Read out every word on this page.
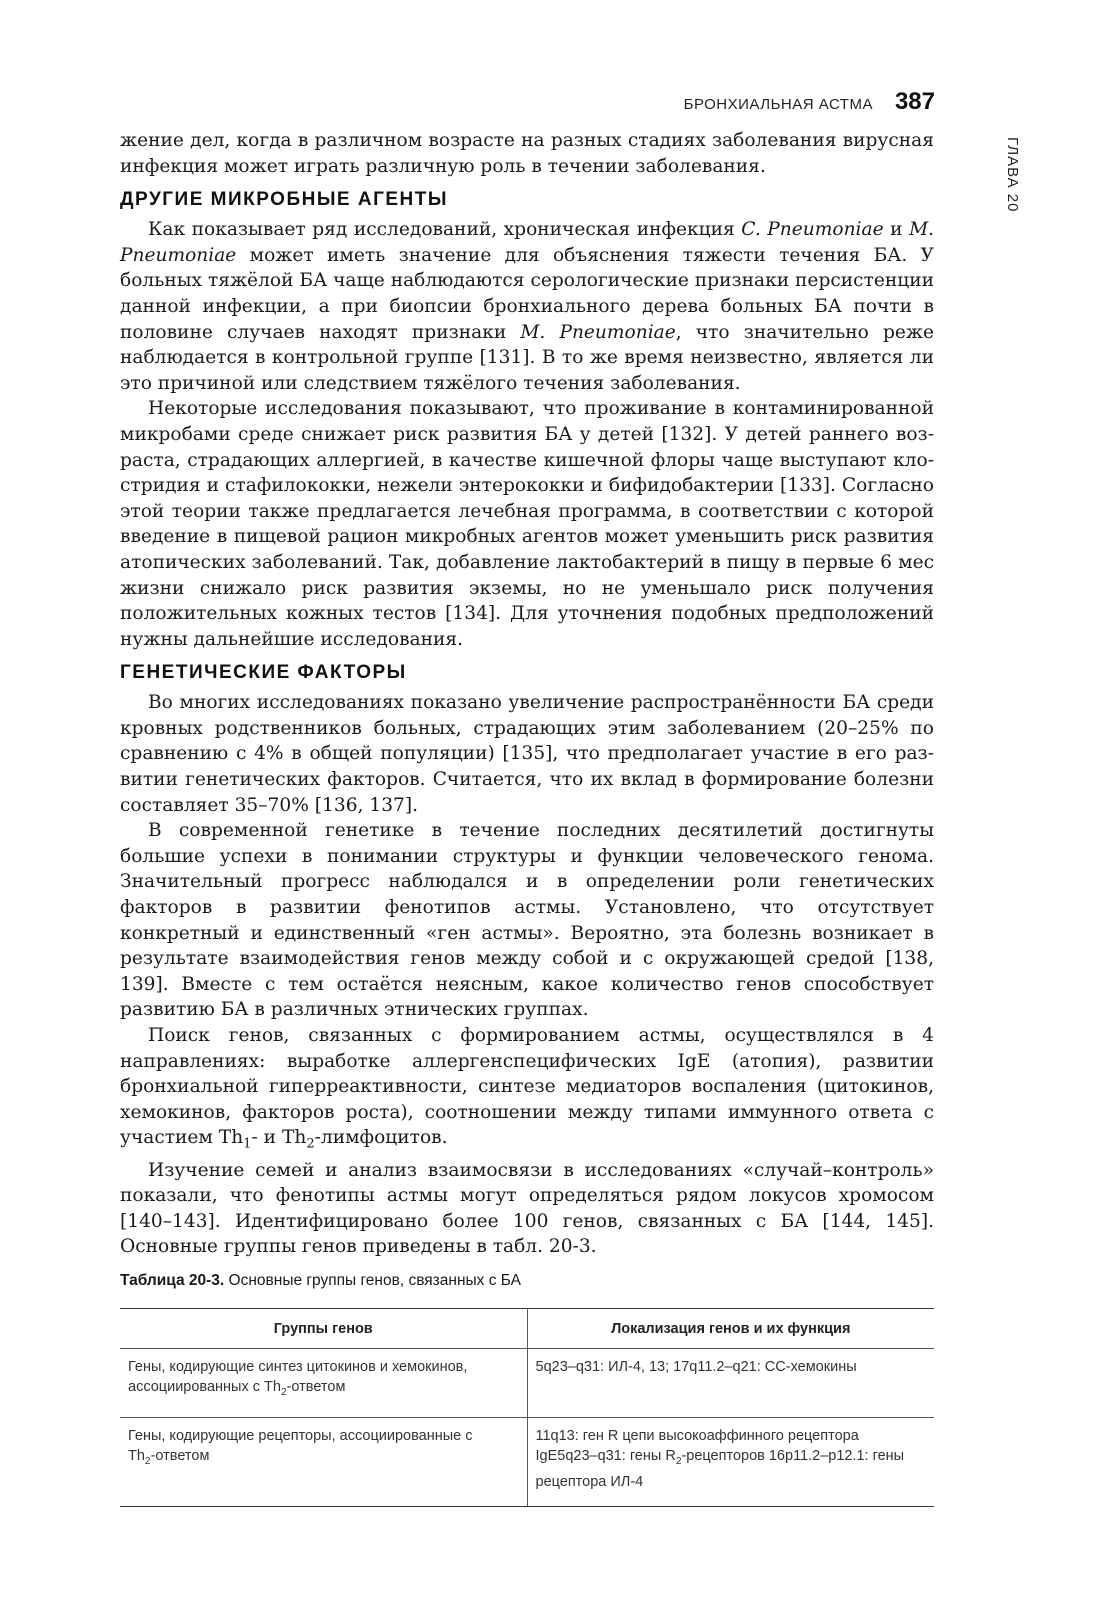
БРОНХИАЛЬНАЯ АСТМА 387
ГЛАВА 20

жение дел, когда в различном возрасте на разных стадиях заболевания вирусная инфекция может играть различную роль в течении заболевания.

ДРУГИЕ МИКРОБНЫЕ АГЕНТЫ

Как показывает ряд исследований, хроническая инфекция C. Pneumoniae и M. Pneumoniae может иметь значение для объяснения тяжести течения БА. У больных тяжёлой БА чаще наблюдаются серологические признаки персистенции данной инфекции, а при биопсии бронхиального дерева больных БА почти в половине случаев находят признаки M. Pneumoniae, что значительно реже наблюдается в контрольной группе [131]. В то же время неизвестно, является ли это причиной или следствием тяжёлого течения заболевания.

Некоторые исследования показывают, что проживание в контаминированной микробами среде снижает риск развития БА у детей [132]. У детей раннего возраста, страдающих аллергией, в качестве кишечной флоры чаще выступают клостридия и стафилококки, нежели энтерококки и бифидобактерии [133]. Согласно этой теории также предлагается лечебная программа, в соответствии с которой введение в пищевой рацион микробных агентов может уменьшить риск развития атопических заболеваний. Так, добавление лактобактерий в пищу в первые 6 мес жизни снижало риск развития экземы, но не уменьшало риск получения положительных кожных тестов [134]. Для уточнения подобных предположений нужны дальнейшие исследования.

ГЕНЕТИЧЕСКИЕ ФАКТОРЫ

Во многих исследованиях показано увеличение распространённости БА среди кровных родственников больных, страдающих этим заболеванием (20–25% по сравнению с 4% в общей популяции) [135], что предполагает участие в его развитии генетических факторов. Считается, что их вклад в формирование болезни составляет 35–70% [136, 137].

В современной генетике в течение последних десятилетий достигнуты большие успехи в понимании структуры и функции человеческого генома. Значительный прогресс наблюдался и в определении роли генетических факторов в развитии фенотипов астмы. Установлено, что отсутствует конкретный и единственный «ген астмы». Вероятно, эта болезнь возникает в результате взаимодействия генов между собой и с окружающей средой [138, 139]. Вместе с тем остаётся неясным, какое количество генов способствует развитию БА в различных этнических группах.

Поиск генов, связанных с формированием астмы, осуществлялся в 4 направлениях: выработке аллергенспецифических IgE (атопия), развитии бронхиальной гиперреактивности, синтезе медиаторов воспаления (цитокинов, хемокинов, факторов роста), соотношении между типами иммунного ответа с участием $Th_1-$ и $Th_2$-лимфоцитов.

Изучение семей и анализ взаимосвязи в исследованиях «случай–контроль» показали, что фенотипы астмы могут определяться рядом локусов хромосом [140–143]. Идентифицировано более 100 генов, связанных с БА [144, 145]. Основные группы генов приведены в табл. 20-3.

Таблица 20-3. Основные группы генов, связанных с БА
Группы генов	Локализация генов и их функция

Гены, кодирующие синтез цитокинов и хемокинов,
ассоциированных с $Th_2$-ответом	5q23–q31: ИЛ-4, 13; 17q11.2–q21: СС-хемокины

Гены, кодирующие рецепторы, ассоциированные с
$Th_2$-ответом	11q13: ген R цепи высокоаффинного рецептора
IgE5q23–q31: гены $R_2$-рецепторов 16p11.2–p12.1: гены
рецептора ИЛ-4
